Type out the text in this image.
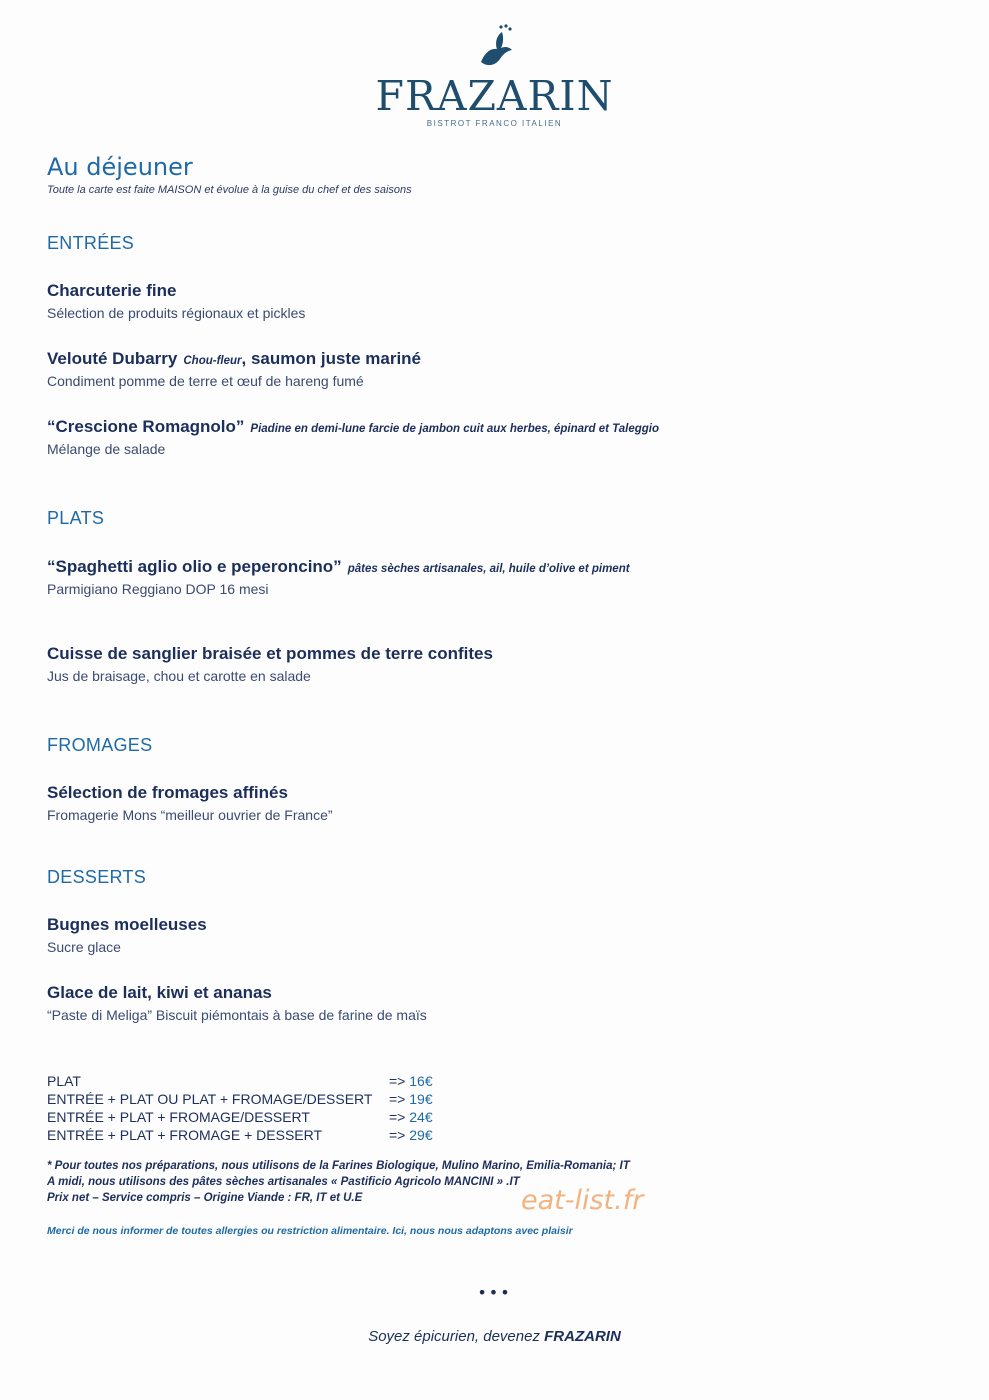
FRAZARIN
BISTROT FRANCO ITALIEN
Au déjeuner
Toute la carte est faite MAISON et évolue à la guise du chef et des saisons
ENTRÉES
Charcuterie fine
Sélection de produits régionaux et pickles
Velouté Dubarry Chou-fleur, saumon juste mariné
Condiment pomme de terre et œuf de hareng fumé
“Crescione Romagnolo” Piadine en demi-lune farcie de jambon cuit aux herbes, épinard et Taleggio
Mélange de salade
PLATS
“Spaghetti aglio olio e peperoncino” pâtes sèches artisanales, ail, huile d’olive et piment
Parmigiano Reggiano DOP 16 mesi
Cuisse de sanglier braisée et pommes de terre confites
Jus de braisage, chou et carotte en salade
FROMAGES
Sélection de fromages affinés
Fromagerie Mons “meilleur ouvrier de France”
DESSERTS
Bugnes moelleuses
Sucre glace
Glace de lait, kiwi et ananas
“Paste di Meliga” Biscuit piémontais à base de farine de maïs
PLAT	=> 16€
ENTRÉE + PLAT OU PLAT + FROMAGE/DESSERT => 19€
ENTRÉE + PLAT + FROMAGE/DESSERT	=> 24€
ENTRÉE + PLAT + FROMAGE + DESSERT	=> 29€
* Pour toutes nos préparations, nous utilisons de la Farines Biologique, Mulino Marino, Emilia-Romania; IT
A midi, nous utilisons des pâtes sèches artisanales « Pastificio Agricolo MANCINI » .IT
Prix net – Service compris – Origine Viande : FR, IT et U.E
Merci de nous informer de toutes allergies ou restriction alimentaire. Ici, nous nous adaptons avec plaisir
eat-list.fr
•••
Soyez épicurien, devenez FRAZARIN
